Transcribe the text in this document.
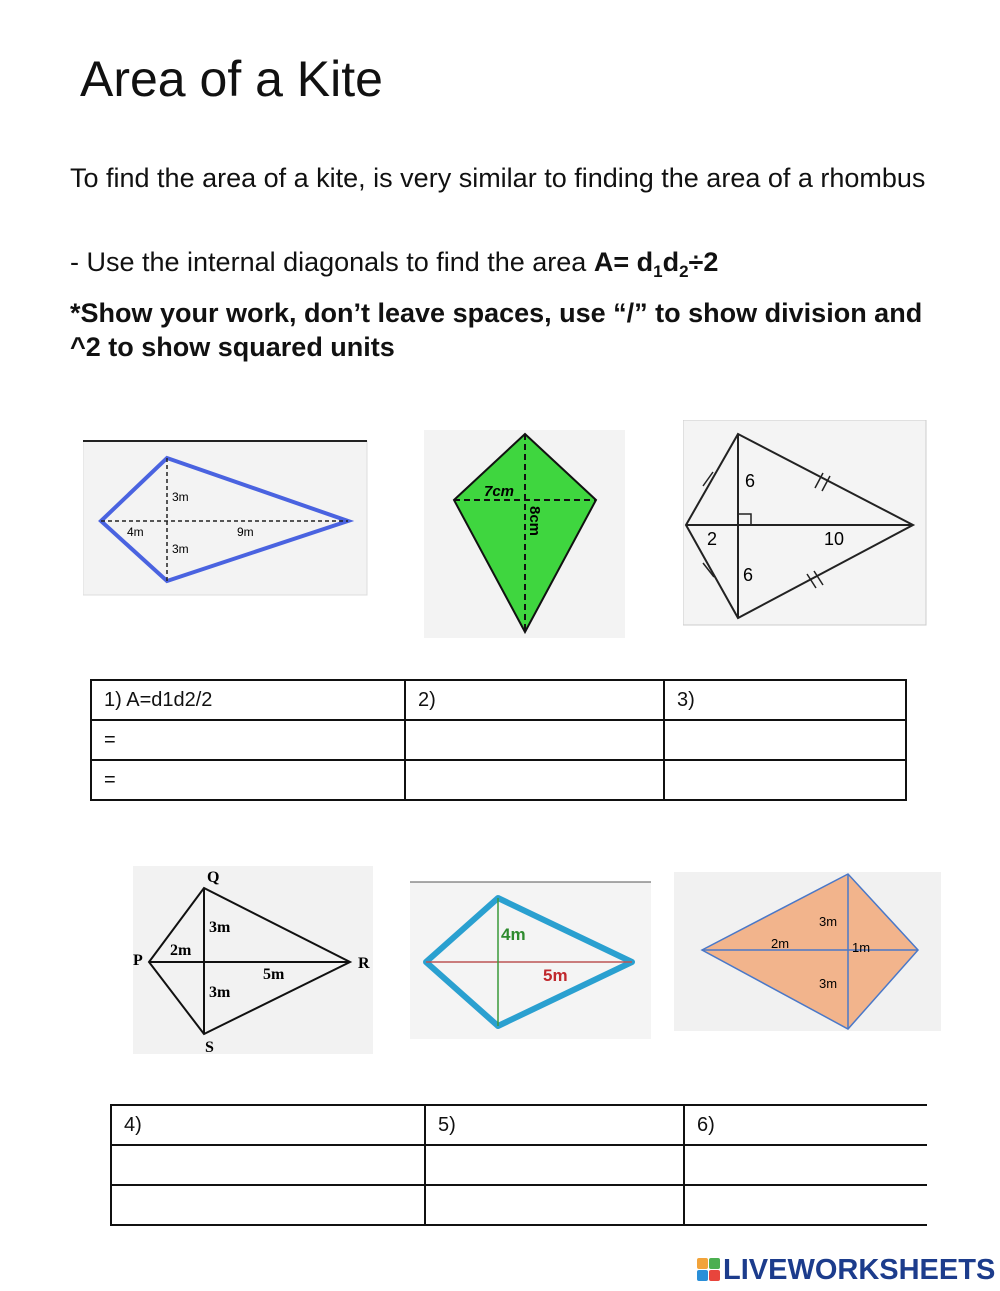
Area of a Kite
To find the area of a kite, is very similar to finding the area of a rhombus
- Use the internal diagonals to find the area $A= d_1d_2\div 2$
*Show your work, don’t leave spaces, use “/” to show division and ^2 to show squared units
3m
4m	9m
3m
7cm
8cm
6
2	10
6
1) A=d1d2/2	2)	3)
=		
=		
Q
P	R
S
3m
2m
5m
3m
4m
5m
3m
2m	1m
3m
4)	5)	6)

LIVEWORKSHEETS
